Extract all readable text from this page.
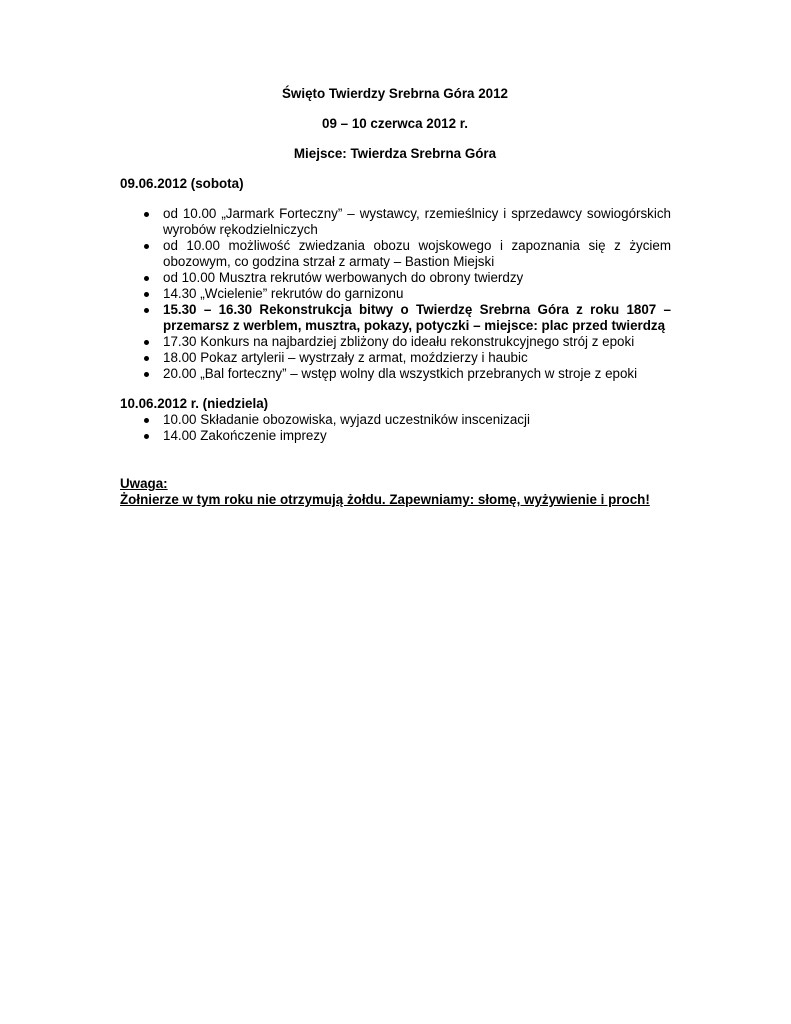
Święto Twierdzy Srebrna Góra 2012
09 – 10 czerwca 2012 r.
Miejsce: Twierdza Srebrna Góra
09.06.2012 (sobota)
od 10.00 „Jarmark Forteczny” – wystawcy, rzemieślnicy i sprzedawcy sowiogórskich wyrobów rękodzielniczych
od 10.00 możliwość zwiedzania obozu wojskowego i zapoznania się z życiem obozowym, co godzina strzał z armaty – Bastion Miejski
od 10.00 Musztra rekrutów werbowanych do obrony twierdzy
14.30 „Wcielenie” rekrutów do garnizonu
15.30 – 16.30 Rekonstrukcja bitwy o Twierdzę Srebrna Góra z roku 1807 – przemarsz z werblem, musztra, pokazy, potyczki – miejsce: plac przed twierdzą
17.30 Konkurs na najbardziej zbliżony do ideału rekonstrukcyjnego strój z epoki
18.00 Pokaz artylerii – wystrzały z armat, moździerzy i haubic
20.00 „Bal forteczny” – wstęp wolny dla wszystkich przebranych w stroje z epoki
10.06.2012 r. (niedziela)
10.00 Składanie obozowiska, wyjazd uczestników inscenizacji
14.00 Zakończenie imprezy
Uwaga:
Żołnierze w tym roku nie otrzymują żołdu. Zapewniamy: słomę, wyżywienie i proch!
